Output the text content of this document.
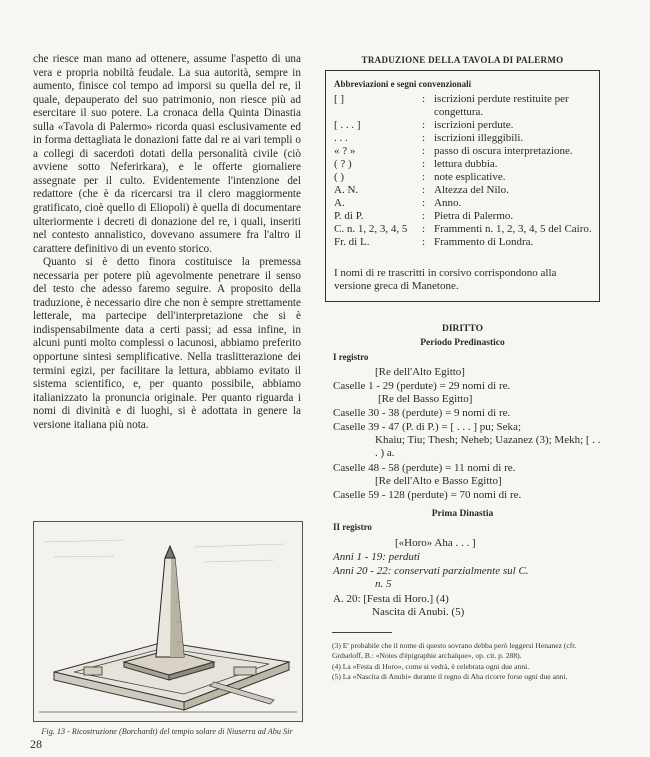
che riesce man mano ad ottenere, assume l'aspetto di una vera e propria nobiltà feudale. La sua autorità, sempre in aumento, finisce col tempo ad imporsi su quella del re, il quale, depauperato del suo patrimonio, non riesce più ad esercitare il suo potere. La cronaca della Quinta Dinastia sulla «Tavola di Palermo» ricorda quasi esclusivamente ed in forma dettagliata le donazioni fatte dal re ai vari templi o a collegi di sacerdoti dotati della personalità civile (ciò avviene sotto Neferirkara), e le offerte giornaliere assegnate per il culto. Evidentemente l'intenzione del redattore (che è da ricercarsi tra il clero maggiormente gratificato, cioè quello di Eliopoli) è quella di documentare ulteriormente i decreti di donazione del re, i quali, inseriti nel contesto annalistico, dovevano assumere fra l'altro il carattere definitivo di un evento storico.

Quanto si è detto finora costituisce la premessa necessaria per potere più agevolmente penetrare il senso del testo che adesso faremo seguire. A proposito della traduzione, è necessario dire che non è sempre strettamente letterale, ma partecipe dell'interpretazione che si è indispensabilmente data a certi passi; ad essa infine, in alcuni punti molto complessi o lacunosi, abbiamo preferito opportune sintesi semplificative. Nella traslitterazione dei termini egizi, per facilitare la lettura, abbiamo evitato il sistema scientifico, e, per quanto possibile, abbiamo italianizzato la pronuncia originale. Per quanto riguarda i nomi di divinità e di luoghi, si è adottata in genere la versione italiana più nota.

Fig. 13 - Ricostruzione (Borchardt) del tempio solare di Niuserra ad Abu Sir
28
TRADUZIONE DELLA TAVOLA DI PALERMO
Abbreviazioni e segni convenzionali
[ ]	: iscrizioni perdute restituite per congettura.
[ . . . ]	: iscrizioni perdute.
. . .	: iscrizioni illeggibili.
« ? »	: passo di oscura interpretazione.
( ? )	: lettura dubbia.
( )	: note esplicative.
A. N.	: Altezza del Nilo.
A.	: Anno.
P. di P.	: Pietra di Palermo.
C. n. 1, 2, 3, 4, 5	: Frammenti n. 1, 2, 3, 4, 5 del Cairo.
Fr. di L.	: Frammento di Londra.
I nomi di re trascritti in corsivo corrispondono alla versione greca di Manetone.
DIRITTO
Periodo Predinastico
I registro
[Re dell'Alto Egitto]
Caselle 1 - 29 (perdute) = 29 nomi di re.
[Re del Basso Egitto]
Caselle 30 - 38 (perdute) = 9 nomi di re.
Caselle 39 - 47 (P. di P.) = [ . . . ] pu; Seka;
Khaiu; Tiu; Thesh; Neheb; Uazanez (3); Mekh; [ . . . ) a.
Caselle 48 - 58 (perdute) = 11 nomi di re.
[Re dell'Alto e Basso Egitto]
Caselle 59 - 128 (perdute) = 70 nomi di re.
Prima Dinastia
II registro
[«Horo» Aha . . . ]
Anni 1 - 19: perduti
Anni 20 - 22: conservati parzialmente sul C.
n. 5
A. 20: [Festa di Horo.] (4)
Nascita di Anubi. (5)

(3) E' probabile che il nome di questo sovrano debba però leggersi Henanez (cfr. Grdseloff, B.: «Notes d'épigraphie archaïque», op. cit. p. 288).

(4) La «Festa di Horo», come si vedrà, è celebrata ogni due anni.

(5) La «Nascita di Anubi» durante il regno di Aha ricorre forse ogni due anni.
